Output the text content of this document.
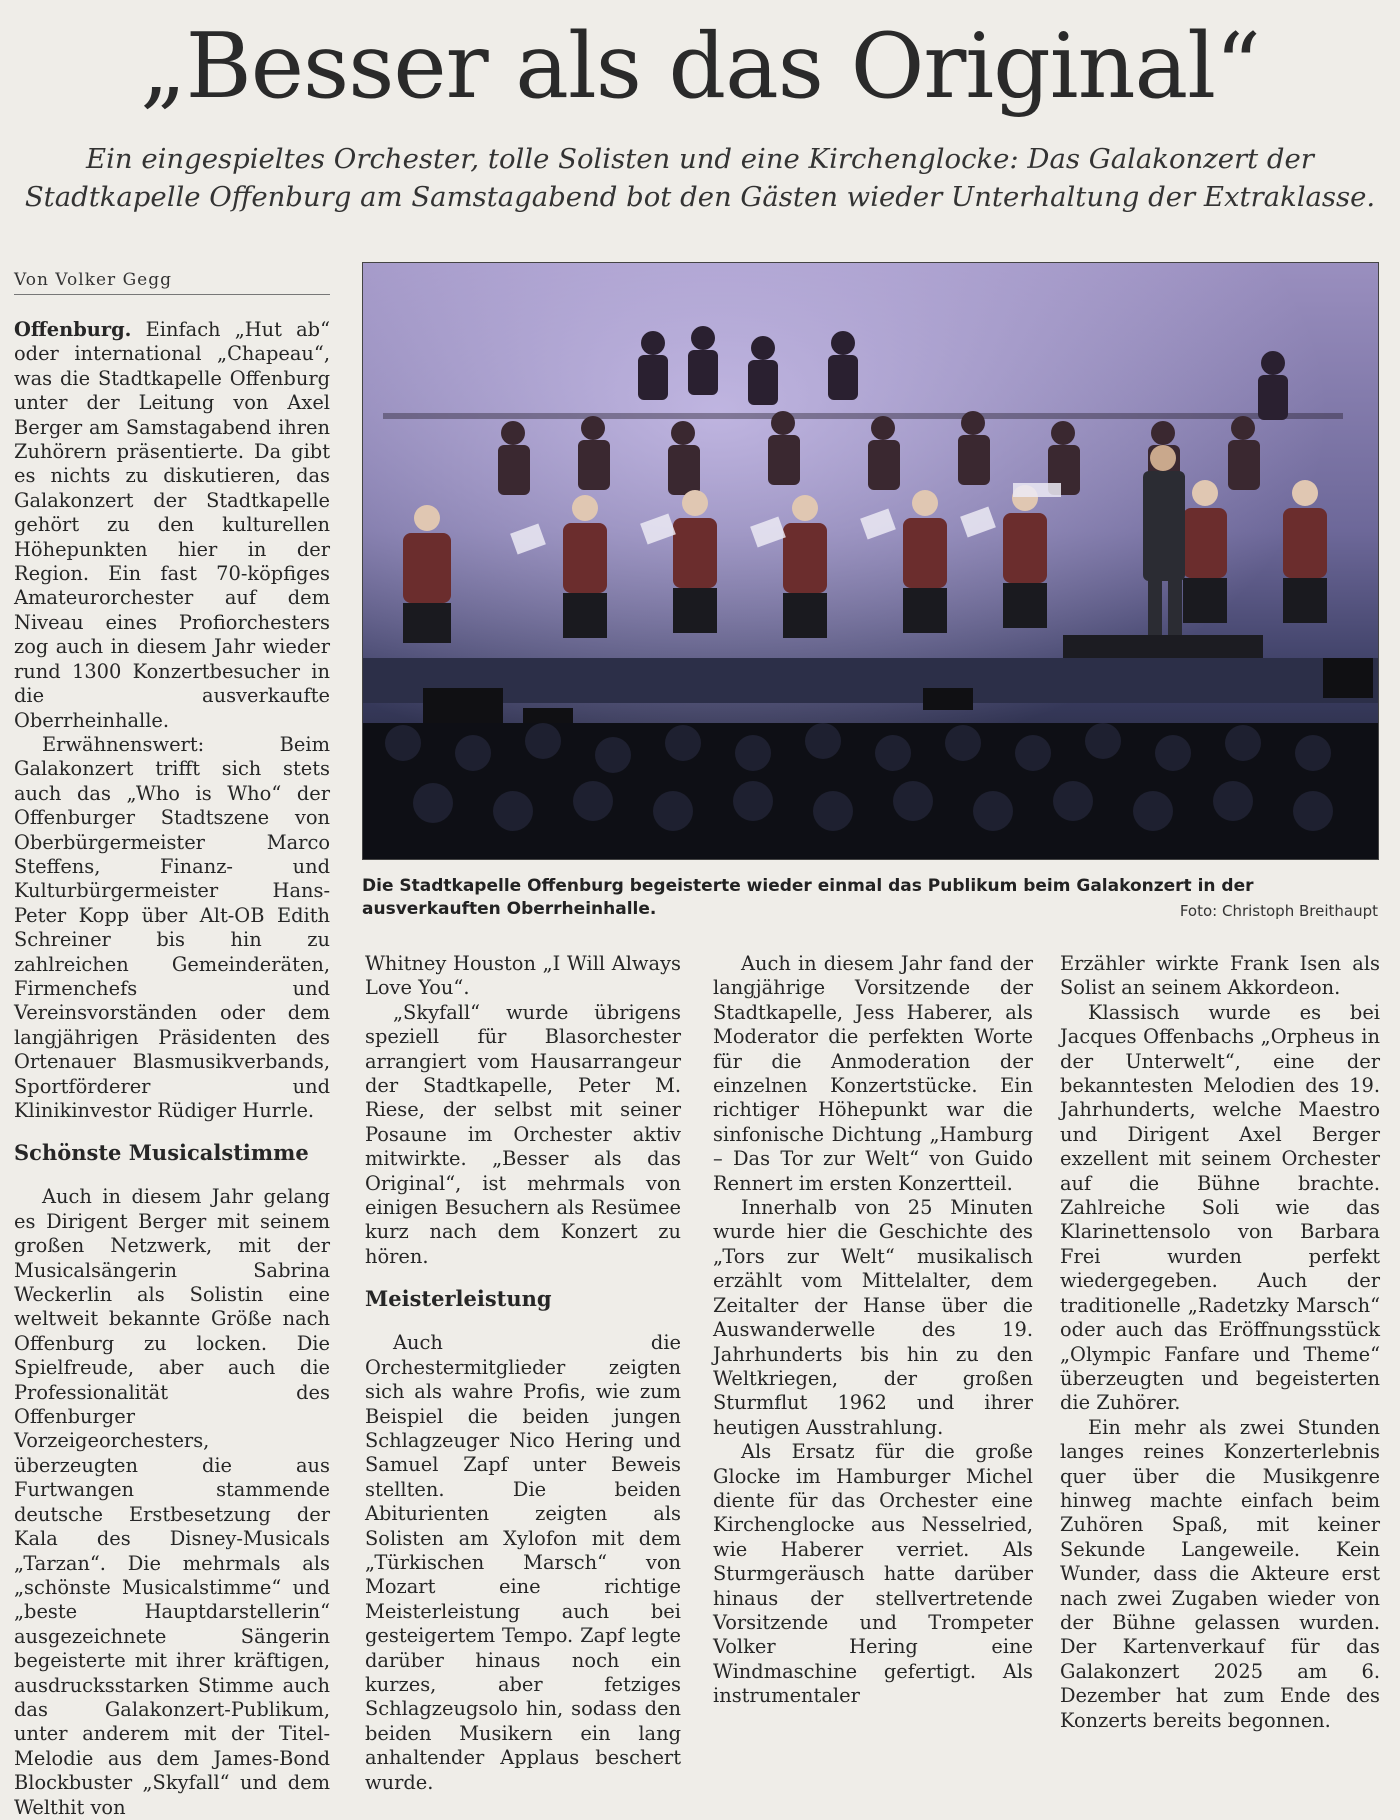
„Besser als das Original“
Ein eingespieltes Orchester, tolle Solisten und eine Kirchenglocke: Das Galakonzert der Stadtkapelle Offenburg am Samstagabend bot den Gästen wieder Unterhaltung der Extraklasse.
Von Volker Gegg

Offenburg. Einfach „Hut ab“ oder international „Chapeau“, was die Stadtkapelle Offenburg unter der Leitung von Axel Berger am Samstagabend ihren Zuhörern präsentierte. Da gibt es nichts zu diskutieren, das Galakonzert der Stadtkapelle gehört zu den kulturellen Höhepunkten hier in der Region. Ein fast 70-köpfiges Amateurorchester auf dem Niveau eines Profiorchesters zog auch in diesem Jahr wieder rund 1300 Konzertbesucher in die ausverkaufte Oberrheinhalle.

Erwähnenswert: Beim Galakonzert trifft sich stets auch das „Who is Who“ der Offenburger Stadtszene von Oberbürgermeister Marco Steffens, Finanz- und Kulturbürgermeister Hans-Peter Kopp über Alt-OB Edith Schreiner bis hin zu zahlreichen Gemeinderäten, Firmenchefs und Vereinsvorständen oder dem langjährigen Präsidenten des Ortenauer Blasmusikverbands, Sportförderer und Klinikinvestor Rüdiger Hurrle.

Schönste Musicalstimme

Auch in diesem Jahr gelang es Dirigent Berger mit seinem großen Netzwerk, mit der Musicalsängerin Sabrina Weckerlin als Solistin eine weltweit bekannte Größe nach Offenburg zu locken. Die Spielfreude, aber auch die Professionalität des Offenburger Vorzeigeorchesters, überzeugten die aus Furtwangen stammende deutsche Erstbesetzung der Kala des Disney-Musicals „Tarzan“. Die mehrmals als „schönste Musicalstimme“ und „beste Hauptdarstellerin“ ausgezeichnete Sängerin begeisterte mit ihrer kräftigen, ausdrucksstarken Stimme auch das Galakonzert-Publikum, unter anderem mit der Titel-Melodie aus dem James-Bond Blockbuster „Skyfall“ und dem Welthit von

Die Stadtkapelle Offenburg begeisterte wieder einmal das Publikum beim Galakonzert in der ausverkauften Oberrheinhalle.	Foto: Christoph Breithaupt

Whitney Houston „I Will Always Love You“.

„Skyfall“ wurde übrigens speziell für Blasorchester arrangiert vom Hausarrangeur der Stadtkapelle, Peter M. Riese, der selbst mit seiner Posaune im Orchester aktiv mitwirkte. „Besser als das Original“, ist mehrmals von einigen Besuchern als Resümee kurz nach dem Konzert zu hören.

Meisterleistung

Auch die Orchestermitglieder zeigten sich als wahre Profis, wie zum Beispiel die beiden jungen Schlagzeuger Nico Hering und Samuel Zapf unter Beweis stellten. Die beiden Abiturienten zeigten als Solisten am Xylofon mit dem „Türkischen Marsch“ von Mozart eine richtige Meisterleistung auch bei gesteigertem Tempo. Zapf legte darüber hinaus noch ein kurzes, aber fetziges Schlagzeugsolo hin, sodass den beiden Musikern ein lang anhaltender Applaus beschert wurde.

Auch in diesem Jahr fand der langjährige Vorsitzende der Stadtkapelle, Jess Haberer, als Moderator die perfekten Worte für die Anmoderation der einzelnen Konzertstücke. Ein richtiger Höhepunkt war die sinfonische Dichtung „Hamburg – Das Tor zur Welt“ von Guido Rennert im ersten Konzertteil.

Innerhalb von 25 Minuten wurde hier die Geschichte des „Tors zur Welt“ musikalisch erzählt vom Mittelalter, dem Zeitalter der Hanse über die Auswanderwelle des 19. Jahrhunderts bis hin zu den Weltkriegen, der großen Sturmflut 1962 und ihrer heutigen Ausstrahlung.

Als Ersatz für die große Glocke im Hamburger Michel diente für das Orchester eine Kirchenglocke aus Nesselried, wie Haberer verriet. Als Sturmgeräusch hatte darüber hinaus der stellvertretende Vorsitzende und Trompeter Volker Hering eine Windmaschine gefertigt. Als instrumentaler

Erzähler wirkte Frank Isen als Solist an seinem Akkordeon.

Klassisch wurde es bei Jacques Offenbachs „Orpheus in der Unterwelt“, eine der bekanntesten Melodien des 19. Jahrhunderts, welche Maestro und Dirigent Axel Berger exzellent mit seinem Orchester auf die Bühne brachte. Zahlreiche Soli wie das Klarinettensolo von Barbara Frei wurden perfekt wiedergegeben. Auch der traditionelle „Radetzky Marsch“ oder auch das Eröffnungsstück „Olympic Fanfare und Theme“ überzeugten und begeisterten die Zuhörer.

Ein mehr als zwei Stunden langes reines Konzerterlebnis quer über die Musikgenre hinweg machte einfach beim Zuhören Spaß, mit keiner Sekunde Langeweile. Kein Wunder, dass die Akteure erst nach zwei Zugaben wieder von der Bühne gelassen wurden. Der Kartenverkauf für das Galakonzert 2025 am 6. Dezember hat zum Ende des Konzerts bereits begonnen.
